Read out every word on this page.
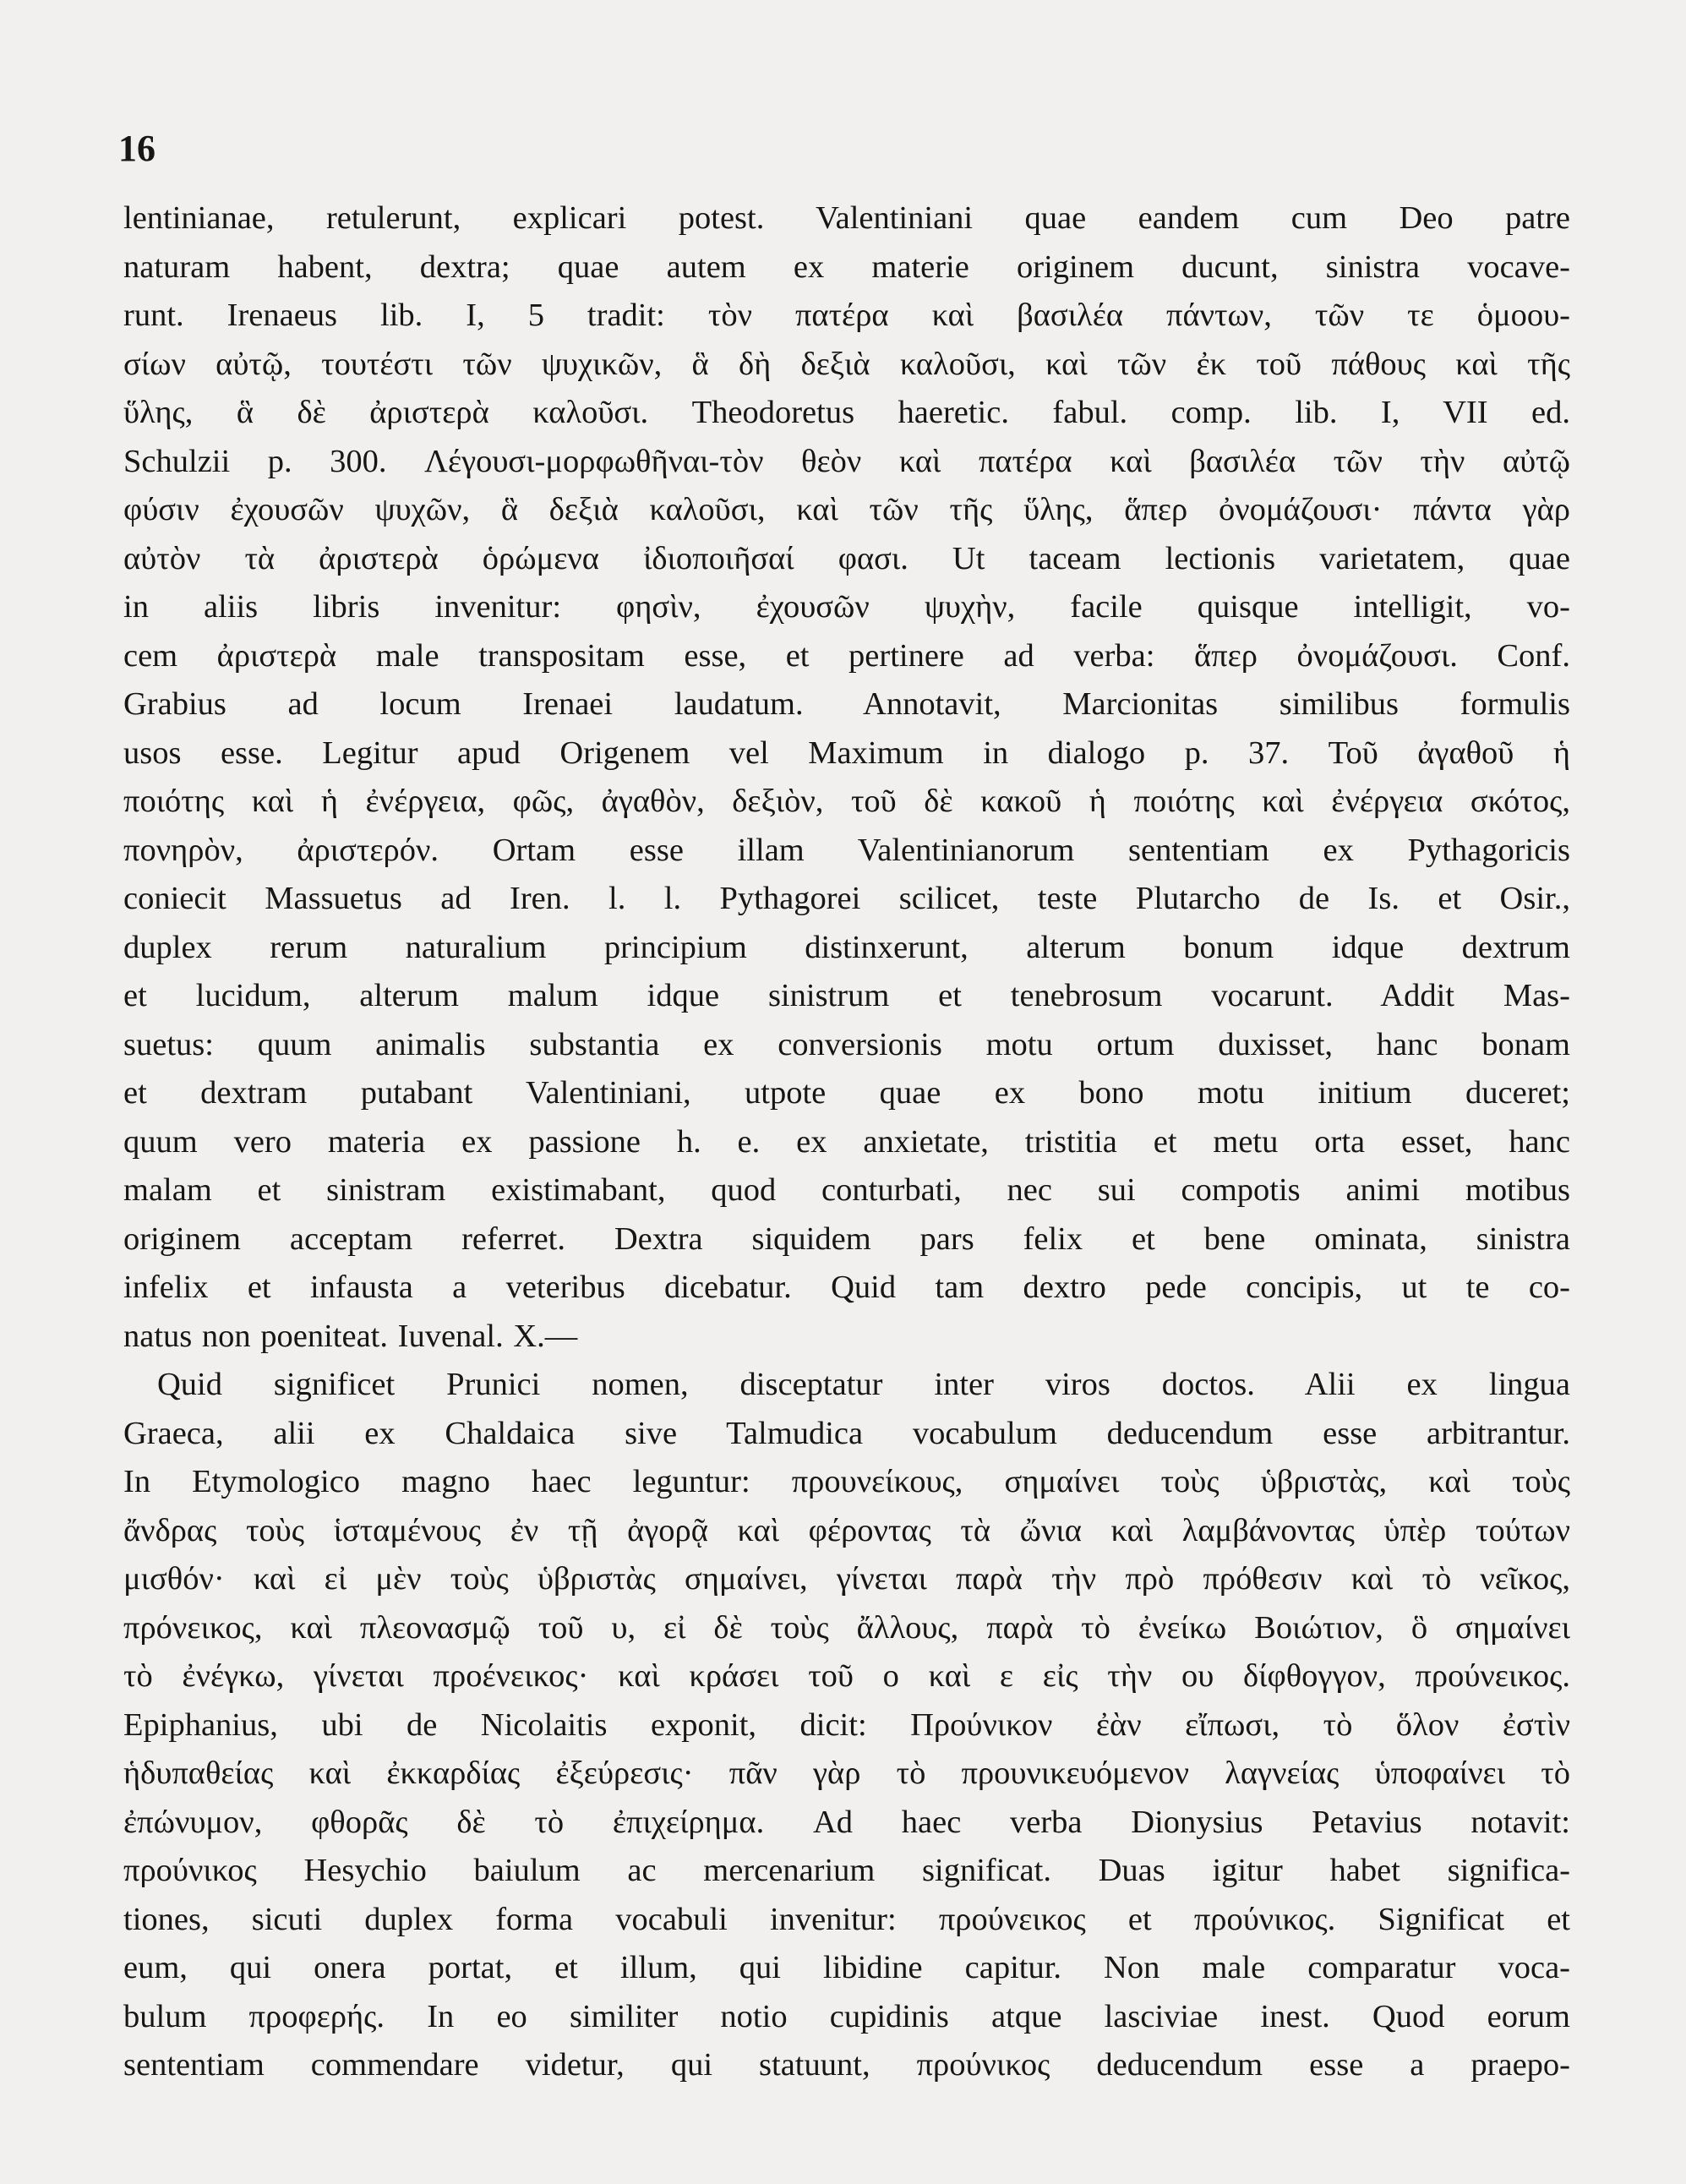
16
lentinianae, retulerunt, explicari potest. Valentiniani quae eandem cum Deo patre
naturam habent, dextra; quae autem ex materie originem ducunt, sinistra vocave-
runt. Irenaeus lib. I, 5 tradit: τὸν πατέρα καὶ βασιλέα πάντων, τῶν τε ὁμοου-
σίων αὐτῷ, τουτέστι τῶν ψυχικῶν, ἃ δὴ δεξιὰ καλοῦσι, καὶ τῶν ἐκ τοῦ πάθους καὶ τῆς
ὕλης, ἃ δὲ ἀριστερὰ καλοῦσι. Theodoretus haeretic. fabul. comp. lib. I, VII ed.
Schulzii p. 300. Λέγουσι-μορφωθῆναι-τὸν θεὸν καὶ πατέρα καὶ βασιλέα τῶν τὴν αὐτῷ
φύσιν ἐχουσῶν ψυχῶν, ἃ δεξιὰ καλοῦσι, καὶ τῶν τῆς ὕλης, ἅπερ ὀνομάζουσι· πάντα γὰρ
αὐτὸν τὰ ἀριστερὰ ὁρώμενα ἰδιοποιῆσαί φασι. Ut taceam lectionis varietatem, quae
in aliis libris invenitur: φησὶν, ἐχουσῶν ψυχὴν, facile quisque intelligit, vo-
cem ἀριστερὰ male transpositam esse, et pertinere ad verba: ἅπερ ὀνομάζουσι. Conf.
Grabius ad locum Irenaei laudatum. Annotavit, Marcionitas similibus formulis
usos esse. Legitur apud Origenem vel Maximum in dialogo p. 37. Τοῦ ἀγαθοῦ ἡ
ποιότης καὶ ἡ ἐνέργεια, φῶς, ἀγαθὸν, δεξιὸν, τοῦ δὲ κακοῦ ἡ ποιότης καὶ ἐνέργεια σκότος,
πονηρὸν, ἀριστερόν. Ortam esse illam Valentinianorum sententiam ex Pythagoricis
coniecit Massuetus ad Iren. l. l. Pythagorei scilicet, teste Plutarcho de Is. et Osir.,
duplex rerum naturalium principium distinxerunt, alterum bonum idque dextrum
et lucidum, alterum malum idque sinistrum et tenebrosum vocarunt. Addit Mas-
suetus: quum animalis substantia ex conversionis motu ortum duxisset, hanc bonam
et dextram putabant Valentiniani, utpote quae ex bono motu initium duceret;
quum vero materia ex passione h. e. ex anxietate, tristitia et metu orta esset, hanc
malam et sinistram existimabant, quod conturbati, nec sui compotis animi motibus
originem acceptam referret. Dextra siquidem pars felix et bene ominata, sinistra
infelix et infausta a veteribus dicebatur. Quid tam dextro pede concipis, ut te co-
natus non poeniteat. Iuvenal. X.—
Quid significet Prunici nomen, disceptatur inter viros doctos. Alii ex lingua
Graeca, alii ex Chaldaica sive Talmudica vocabulum deducendum esse arbitrantur.
In Etymologico magno haec leguntur: προυνείκους, σημαίνει τοὺς ὑβριστὰς, καὶ τοὺς
ἄνδρας τοὺς ἱσταμένους ἐν τῇ ἀγορᾷ καὶ φέροντας τὰ ὤνια καὶ λαμβάνοντας ὑπὲρ τούτων
μισθόν· καὶ εἰ μὲν τοὺς ὑβριστὰς σημαίνει, γίνεται παρὰ τὴν πρὸ πρόθεσιν καὶ τὸ νεῖκος,
πρόνεικος, καὶ πλεονασμῷ τοῦ υ, εἰ δὲ τοὺς ἄλλους, παρὰ τὸ ἐνείκω Βοιώτιον, ὃ σημαίνει
τὸ ἐνέγκω, γίνεται προένεικος· καὶ κράσει τοῦ ο καὶ ε εἰς τὴν ου δίφθογγον, προύνεικος.
Epiphanius, ubi de Nicolaitis exponit, dicit: Προύνικον ἐὰν εἴπωσι, τὸ ὅλον ἐστὶν
ἡδυπαθείας καὶ ἐκκαρδίας ἐξεύρεσις· πᾶν γὰρ τὸ προυνικευόμενον λαγνείας ὑποφαίνει τὸ
ἐπώνυμον, φθορᾶς δὲ τὸ ἐπιχείρημα. Ad haec verba Dionysius Petavius notavit:
προύνικος Hesychio baiulum ac mercenarium significat. Duas igitur habet significa-
tiones, sicuti duplex forma vocabuli invenitur: προύνεικος et προύνικος. Significat et
eum, qui onera portat, et illum, qui libidine capitur. Non male comparatur voca-
bulum προφερής. In eo similiter notio cupidinis atque lasciviae inest. Quod eorum
sententiam commendare videtur, qui statuunt, προύνικος deducendum esse a praepo-
